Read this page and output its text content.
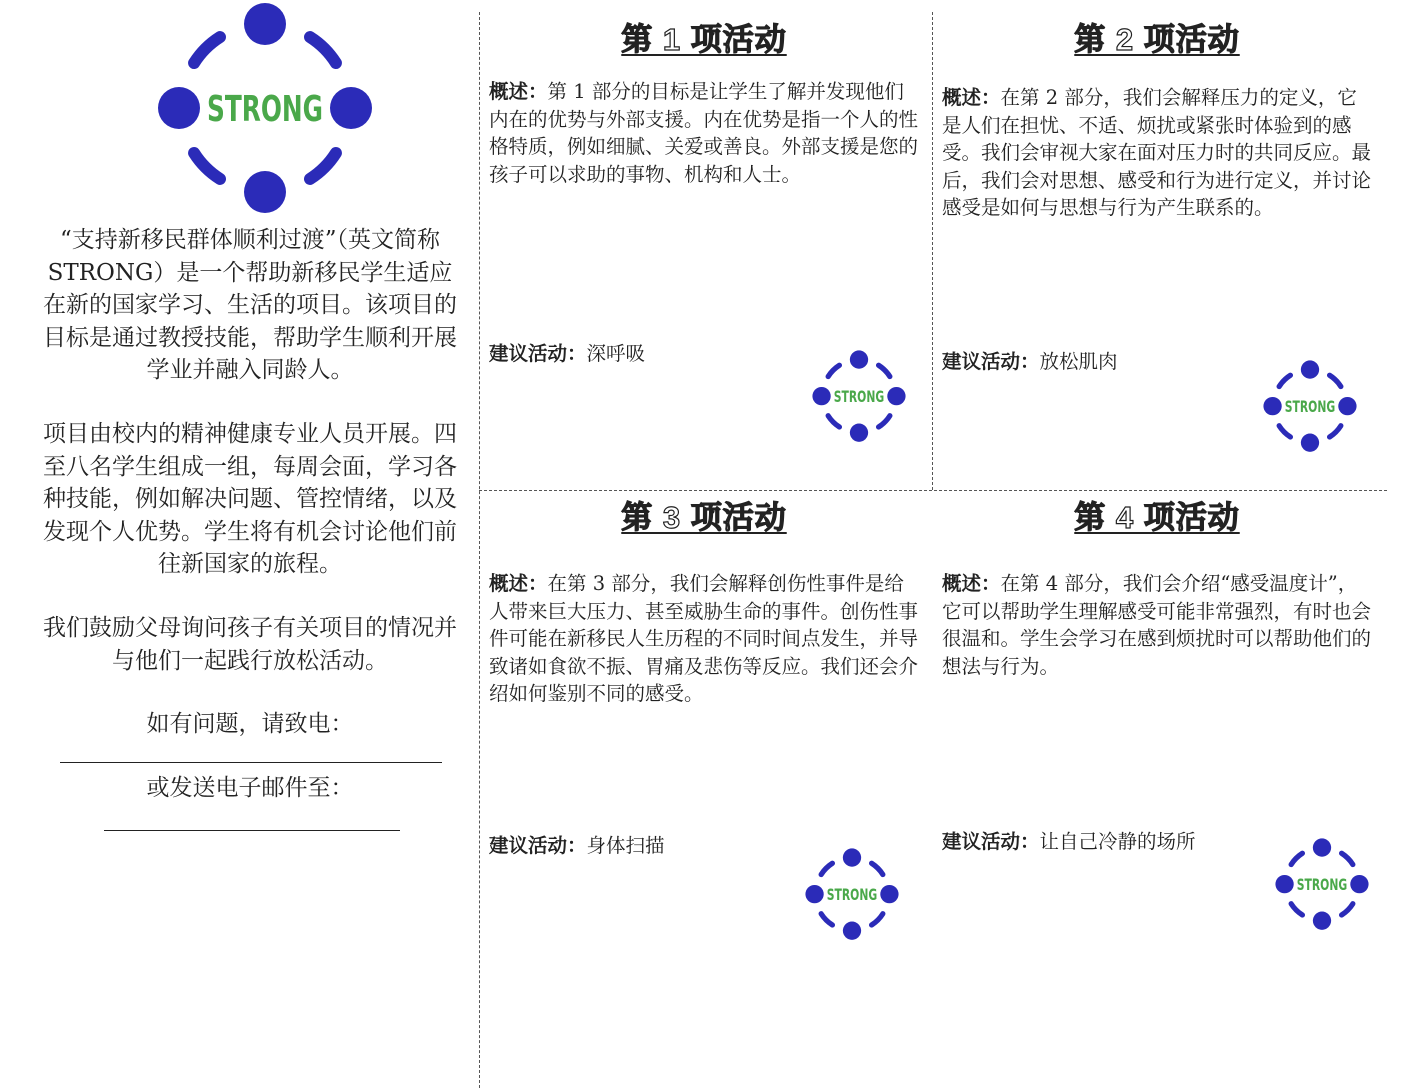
STRONG

“支持新移民群体顺利过渡”（英文简称 STRONG）是一个帮助新移民学生适应在新的国家学习、生活的项目。该项目的目标是通过教授技能，帮助学生顺利开展学业并融入同龄人。

项目由校内的精神健康专业人员开展。四至八名学生组成一组，每周会面，学习各种技能，例如解决问题、管控情绪，以及发现个人优势。学生将有机会讨论他们前往新国家的旅程。

我们鼓励父母询问孩子有关项目的情况并与他们一起践行放松活动。

如有问题，请致电：
或发送电子邮件至：
第 1 项活动

概述：第 1 部分的目标是让学生了解并发现他们内在的优势与外部支援。内在优势是指一个人的性格特质，例如细腻、关爱或善良。外部支援是您的孩子可以求助的事物、机构和人士。

建议活动：深呼吸

STRONG
第 2 项活动

概述：在第 2 部分，我们会解释压力的定义，它是人们在担忧、不适、烦扰或紧张时体验到的感受。我们会审视大家在面对压力时的共同反应。最后，我们会对思想、感受和行为进行定义，并讨论感受是如何与思想与行为产生联系的。

建议活动：放松肌肉

STRONG
第 3 项活动

概述：在第 3 部分，我们会解释创伤性事件是给人带来巨大压力、甚至威胁生命的事件。创伤性事件可能在新移民人生历程的不同时间点发生，并导致诸如食欲不振、胃痛及悲伤等反应。我们还会介绍如何鉴别不同的感受。

建议活动：身体扫描

STRONG
第 4 项活动

概述：在第 4 部分，我们会介绍“感受温度计”，它可以帮助学生理解感受可能非常强烈，有时也会很温和。学生会学习在感到烦扰时可以帮助他们的想法与行为。

建议活动：让自己冷静的场所

STRONG
